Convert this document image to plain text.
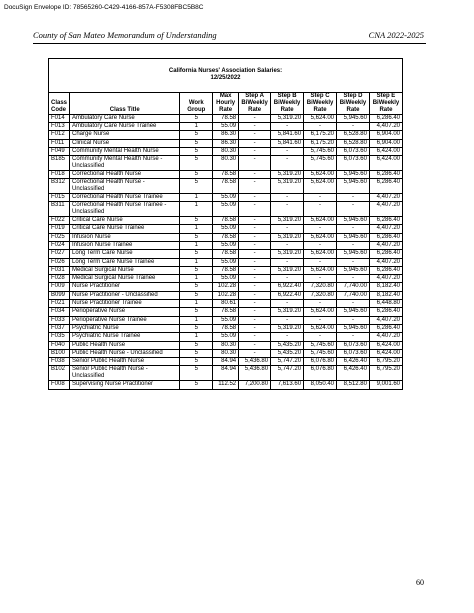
DocuSign Envelope ID: 78565260-C429-4166-857A-F5308FBC5B8C
County of San Mateo Memorandum of Understanding	CNA 2022-2025
California Nurses' Association Salaries:
12/25/2022								

Class Code	Class Title	Work Group	Max Hourly Rate	Step A BiWeekly Rate	Step B BiWeekly Rate	Step C BiWeekly Rate	Step D BiWeekly Rate	Step E BiWeekly Rate
F014	Ambulatory Care Nurse	5	78.58	-	5,319.20	5,624.00	5,945.60	6,286.40
F013	Ambulatory Care Nurse Trainee	1	55.09	-	-	-	-	4,407.20
F012	Charge Nurse	5	86.30	-	5,841.60	6,175.20	6,528.80	6,904.00
F011	Clinical Nurse	5	86.30	-	5,841.60	6,175.20	6,528.80	6,904.00
F049	Community Mental Health Nurse	5	80.30	-	-	5,745.60	6,073.60	6,424.00
B185	Community Mental Health Nurse - Unclassified	5	80.30	-	-	5,745.60	6,073.60	6,424.00
F018	Correctional Health Nurse	5	78.58	-	5,319.20	5,624.00	5,945.60	6,286.40
B312	Correctional Health Nurse - Unclassified	5	78.58	-	5,319.20	5,624.00	5,945.60	6,286.40
F015	Correctional Health Nurse Trainee	1	55.09	-	-	-	-	4,407.20
B311	Correctional Health Nurse Trainee - Unclassified	1	55.09	-	-	-	-	4,407.20
F022	Critical Care Nurse	5	78.58	-	5,319.20	5,624.00	5,945.60	6,286.40
F019	Critical Care Nurse Trainee	1	55.09	-	-	-	-	4,407.20
F025	Infusion Nurse	5	78.58	-	5,319.20	5,624.00	5,945.60	6,286.40
F024	Infusion Nurse Trainee	1	55.09	-	-	-	-	4,407.20
F027	Long Term Care Nurse	5	78.58	-	5,319.20	5,624.00	5,945.60	6,286.40
F026	Long Term Care Nurse Trainee	1	55.09	-	-	-	-	4,407.20
F031	Medical Surgical Nurse	5	78.58	-	5,319.20	5,624.00	5,945.60	6,286.40
F028	Medical Surgical Nurse Trainee	1	55.09	-	-	-	-	4,407.20
F009	Nurse Practitioner	5	102.28	-	6,922.40	7,320.80	7,740.00	8,182.40
B099	Nurse Practitioner - Unclassified	5	102.28	-	6,922.40	7,320.80	7,740.00	8,182.40
F021	Nurse Practitioner Trainee	1	80.61	-	-	-	-	6,448.80
F034	Perioperative Nurse	5	78.58	-	5,319.20	5,624.00	5,945.60	6,286.40
F033	Perioperative Nurse Trainee	1	55.09	-	-	-	-	4,407.20
F037	Psychiatric Nurse	5	78.58	-	5,319.20	5,624.00	5,945.60	6,286.40
F035	Psychiatric Nurse Trainee	1	55.09	-	-	-	-	4,407.20
F040	Public Health Nurse	5	80.30	-	5,435.20	5,745.60	6,073.60	6,424.00
B100	Public Health Nurse - Unclassified	5	80.30	-	5,435.20	5,745.60	6,073.60	6,424.00
F038	Senior Public Health Nurse	5	84.94	5,436.80	5,747.20	6,076.80	6,426.40	6,795.20
B102	Senior Public Health Nurse - Unclassified	5	84.94	5,436.80	5,747.20	6,076.80	6,426.40	6,795.20
F008	Supervising Nurse Practitioner	5	112.52	7,200.80	7,613.60	8,050.40	8,512.80	9,001.60
60
